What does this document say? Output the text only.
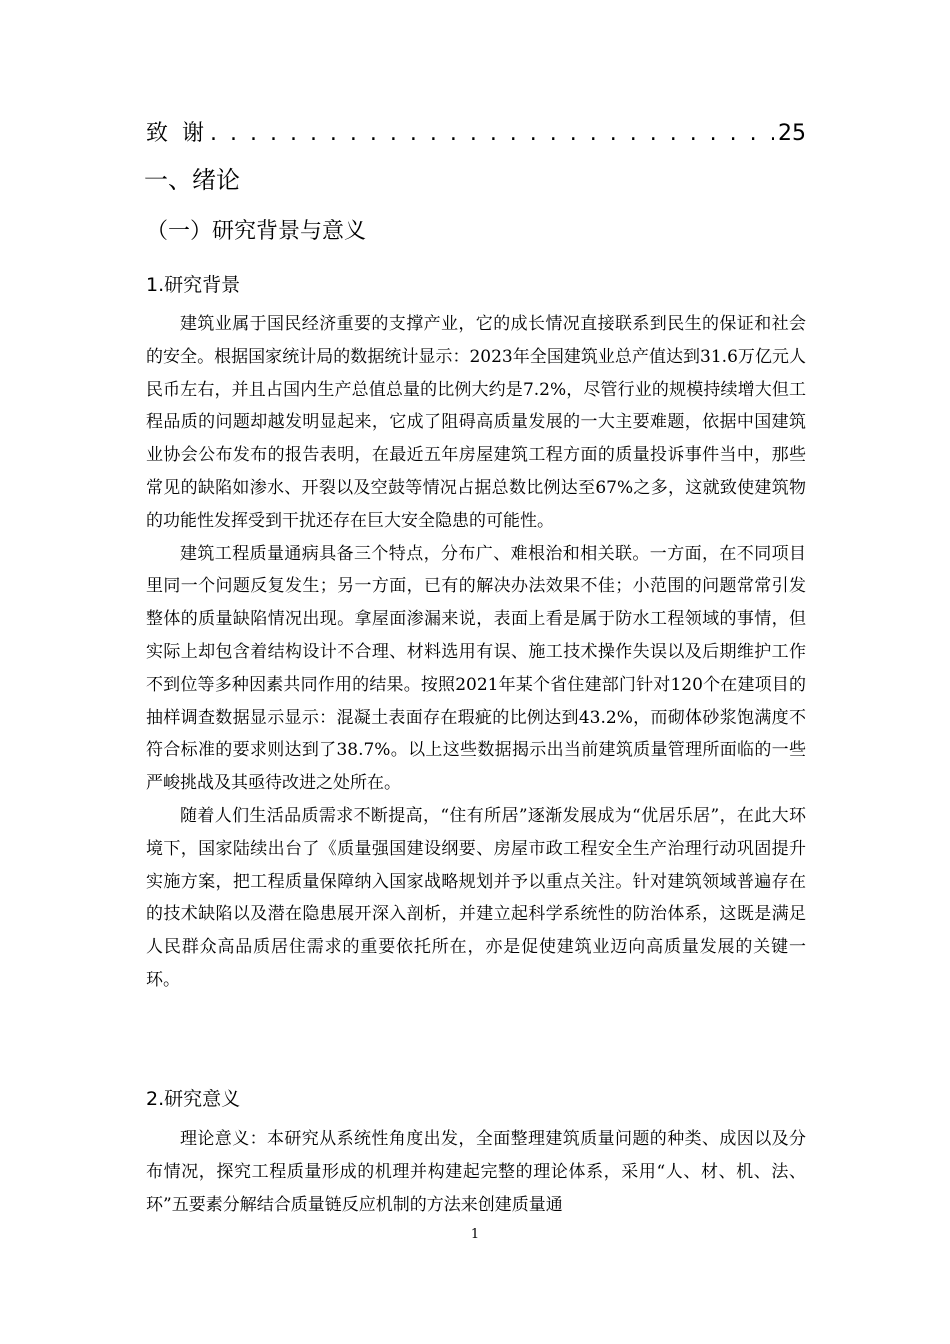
致谢
. . .	25
一、绪论
（一）研究背景与意义
1.研究背景

建筑业属于国民经济重要的支撑产业，它的成长情况直接联系到民生的保证和社会的安全。根据国家统计局的数据统计显示：2023年全国建筑业总产值达到31.6万亿元人民币左右，并且占国内生产总值总量的比例大约是7.2%，尽管行业的规模持续增大但工程品质的问题却越发明显起来，它成了阻碍高质量发展的一大主要难题，依据中国建筑业协会公布发布的报告表明，在最近五年房屋建筑工程方面的质量投诉事件当中，那些常见的缺陷如渗水、开裂以及空鼓等情况占据总数比例达至67%之多，这就致使建筑物的功能性发挥受到干扰还存在巨大安全隐患的可能性。

建筑工程质量通病具备三个特点，分布广、难根治和相关联。一方面，在不同项目里同一个问题反复发生；另一方面，已有的解决办法效果不佳；小范围的问题常常引发整体的质量缺陷情况出现。拿屋面渗漏来说，表面上看是属于防水工程领域的事情，但实际上却包含着结构设计不合理、材料选用有误、施工技术操作失误以及后期维护工作不到位等多种因素共同作用的结果。按照2021年某个省住建部门针对120个在建项目的抽样调查数据显示显示：混凝土表面存在瑕疵的比例达到43.2%，而砌体砂浆饱满度不符合标准的要求则达到了38.7%。以上这些数据揭示出当前建筑质量管理所面临的一些严峻挑战及其亟待改进之处所在。

随着人们生活品质需求不断提高，“住有所居”逐渐发展成为“优居乐居”，在此大环境下，国家陆续出台了《质量强国建设纲要、房屋市政工程安全生产治理行动巩固提升实施方案，把工程质量保障纳入国家战略规划并予以重点关注。针对建筑领域普遍存在的技术缺陷以及潜在隐患展开深入剖析，并建立起科学系统性的防治体系，这既是满足人民群众高品质居住需求的重要依托所在，亦是促使建筑业迈向高质量发展的关键一环。

2.研究意义

理论意义：本研究从系统性角度出发，全面整理建筑质量问题的种类、成因以及分布情况，探究工程质量形成的机理并构建起完整的理论体系，采用“人、材、机、法、环”五要素分解结合质量链反应机制的方法来创建质量通

1
